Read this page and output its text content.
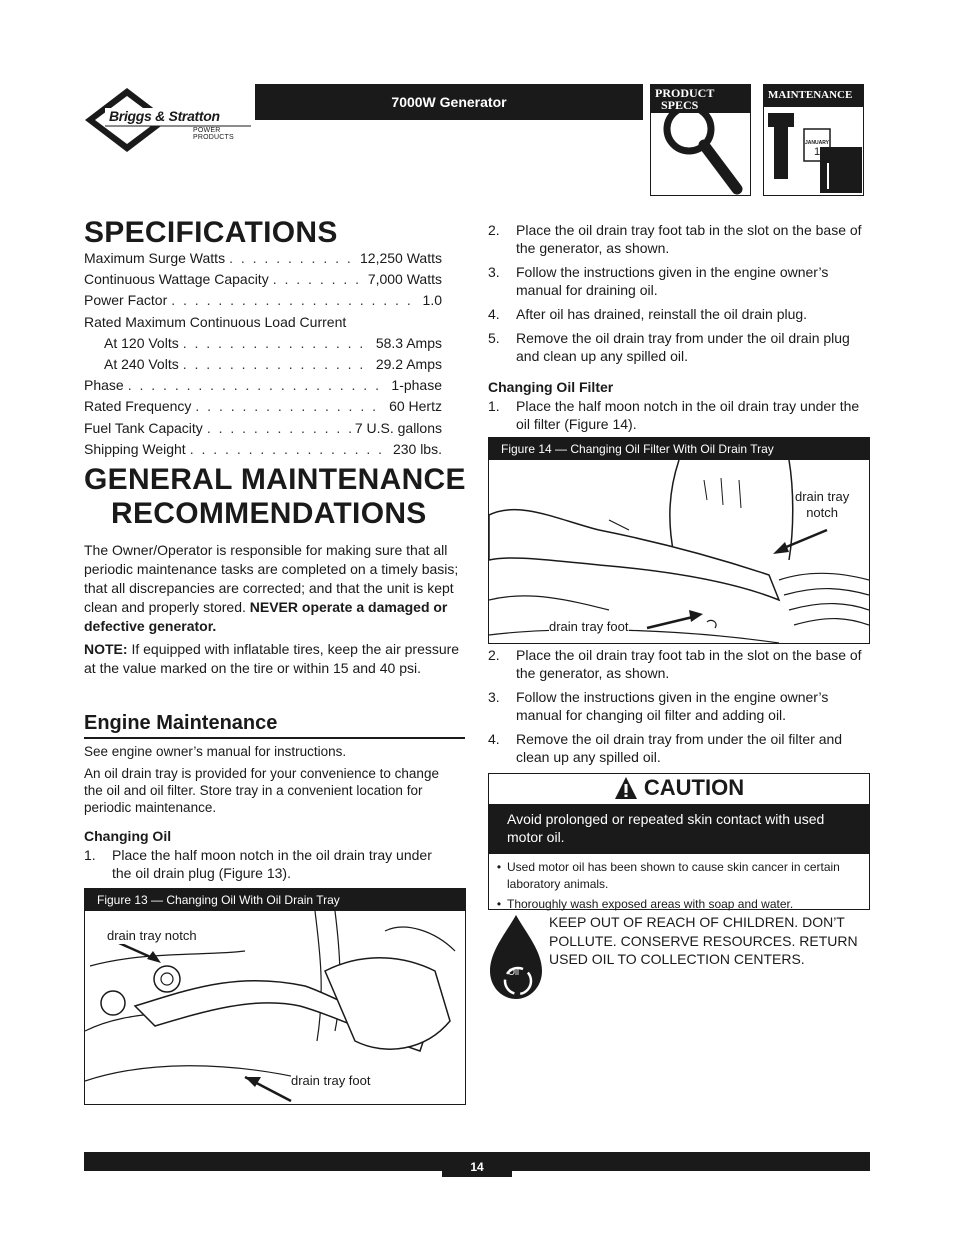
Briggs & Stratton
POWER PRODUCTS
7000W Generator
PRODUCT
SPECS
MAINTENANCE
JANUARY
1
SPECIFICATIONS
Maximum Surge Watts . . .	12,250 Watts
Continuous Wattage Capacity . . .	7,000 Watts
Power Factor . . .	1.0
Rated Maximum Continuous Load Current
At 120 Volts . . .	58.3 Amps
At 240 Volts . . .	29.2 Amps
Phase . . .	1-phase
Rated Frequency . . .	60 Hertz
Fuel Tank Capacity . . .	7 U.S. gallons
Shipping Weight . . .	230 lbs.
GENERAL MAINTENANCE
RECOMMENDATIONS

The Owner/Operator is responsible for making sure that all periodic maintenance tasks are completed on a timely basis; that all discrepancies are corrected; and that the unit is kept clean and properly stored. NEVER operate a damaged or defective generator.

NOTE: If equipped with inflatable tires, keep the air pressure at the value marked on the tire or within 15 and 40 psi.

Engine Maintenance

See engine owner’s manual for instructions.

An oil drain tray is provided for your convenience to change the oil and oil filter. Store tray in a convenient location for periodic maintenance.

Changing Oil
1.	Place the half moon notch in the oil drain tray under the oil drain plug (Figure 13).
Figure 13 — Changing Oil With Oil Drain Tray
drain tray notch
drain tray foot
2.	Place the oil drain tray foot tab in the slot on the base of the generator, as shown.
3.	Follow the instructions given in the engine owner’s manual for draining oil.
4.	After oil has drained, reinstall the oil drain plug.
5.	Remove the oil drain tray from under the oil drain plug and clean up any spilled oil.
Changing Oil Filter
1.	Place the half moon notch in the oil drain tray under the oil filter (Figure 14).
Figure 14 — Changing Oil Filter With Oil Drain Tray
drain tray
notch
drain tray foot
2.	Place the oil drain tray foot tab in the slot on the base of the generator, as shown.
3.	Follow the instructions given in the engine owner’s manual for changing oil filter and adding oil.
4.	Remove the oil drain tray from under the oil filter and clean up any spilled oil.
CAUTION
Avoid prolonged or repeated skin contact with used motor oil.
• Used motor oil has been shown to cause skin cancer in certain laboratory animals.
• Thoroughly wash exposed areas with soap and water.
Oil

KEEP OUT OF REACH OF CHILDREN. DON’T POLLUTE. CONSERVE RESOURCES. RETURN USED OIL TO COLLECTION CENTERS.

14
